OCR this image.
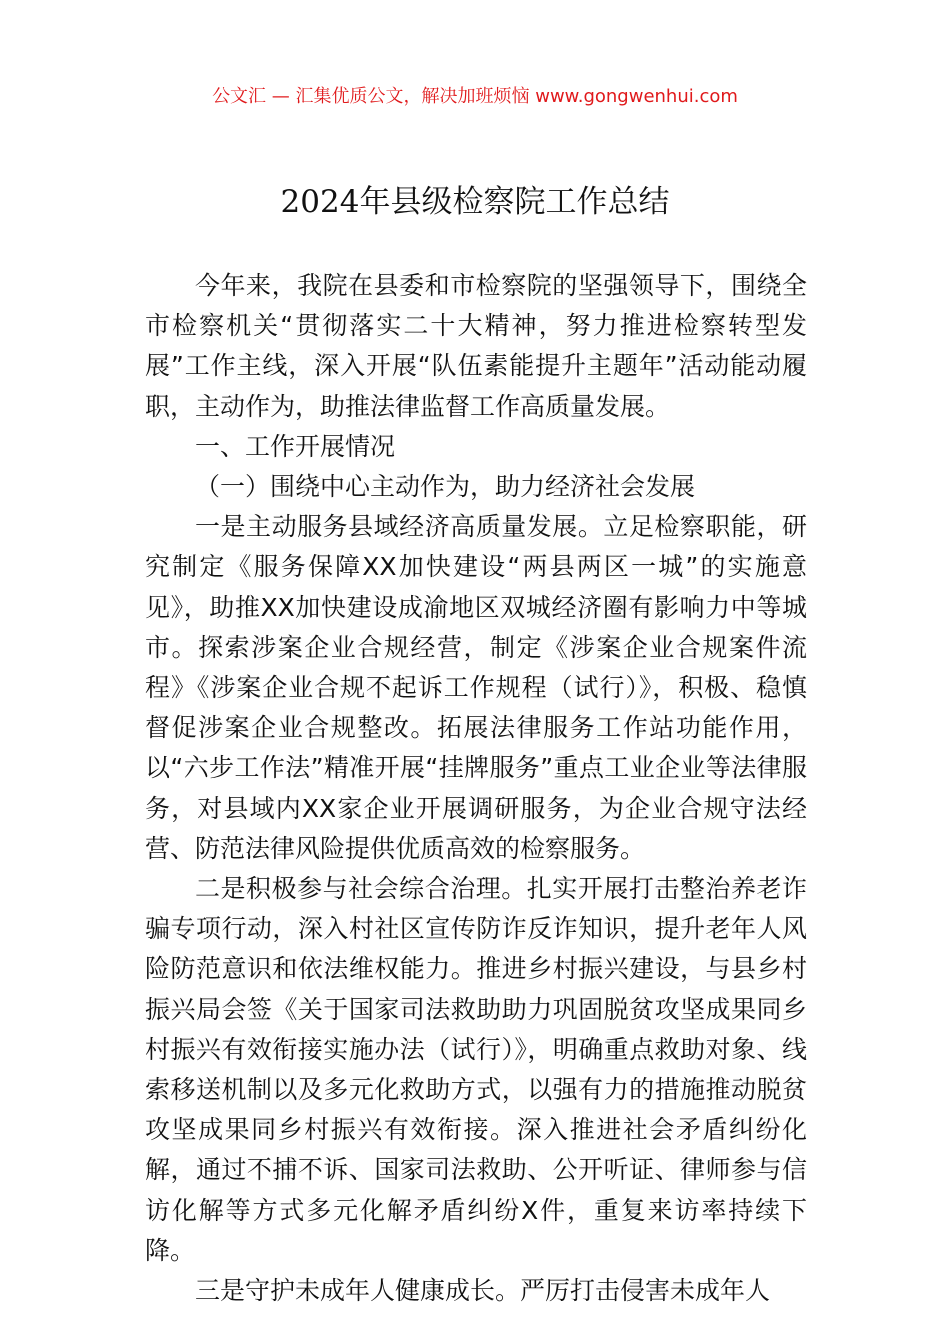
公文汇 — 汇集优质公文，解决加班烦恼 www.gongwenhui.com
2024年县级检察院工作总结

今年来，我院在县委和市检察院的坚强领导下，围绕全市检察机关“贯彻落实二十大精神，努力推进检察转型发展”工作主线，深入开展“队伍素能提升主题年”活动能动履职，主动作为，助推法律监督工作高质量发展。

一、工作开展情况

（一）围绕中心主动作为，助力经济社会发展

一是主动服务县域经济高质量发展。立足检察职能，研究制定《服务保障XX加快建设“两县两区一城”的实施意见》，助推XX加快建设成渝地区双城经济圈有影响力中等城市。探索涉案企业合规经营，制定《涉案企业合规案件流程》《涉案企业合规不起诉工作规程（试行）》，积极、稳慎督促涉案企业合规整改。拓展法律服务工作站功能作用，以“六步工作法”精准开展“挂牌服务”重点工业企业等法律服务，对县域内XX家企业开展调研服务，为企业合规守法经营、防范法律风险提供优质高效的检察服务。

二是积极参与社会综合治理。扎实开展打击整治养老诈骗专项行动，深入村社区宣传防诈反诈知识，提升老年人风险防范意识和依法维权能力。推进乡村振兴建设，与县乡村振兴局会签《关于国家司法救助助力巩固脱贫攻坚成果同乡村振兴有效衔接实施办法（试行）》，明确重点救助对象、线索移送机制以及多元化救助方式，以强有力的措施推动脱贫攻坚成果同乡村振兴有效衔接。深入推进社会矛盾纠纷化解，通过不捕不诉、国家司法救助、公开听证、律师参与信访化解等方式多元化解矛盾纠纷X件，重复来访率持续下降。

三是守护未成年人健康成长。严厉打击侵害未成年人
